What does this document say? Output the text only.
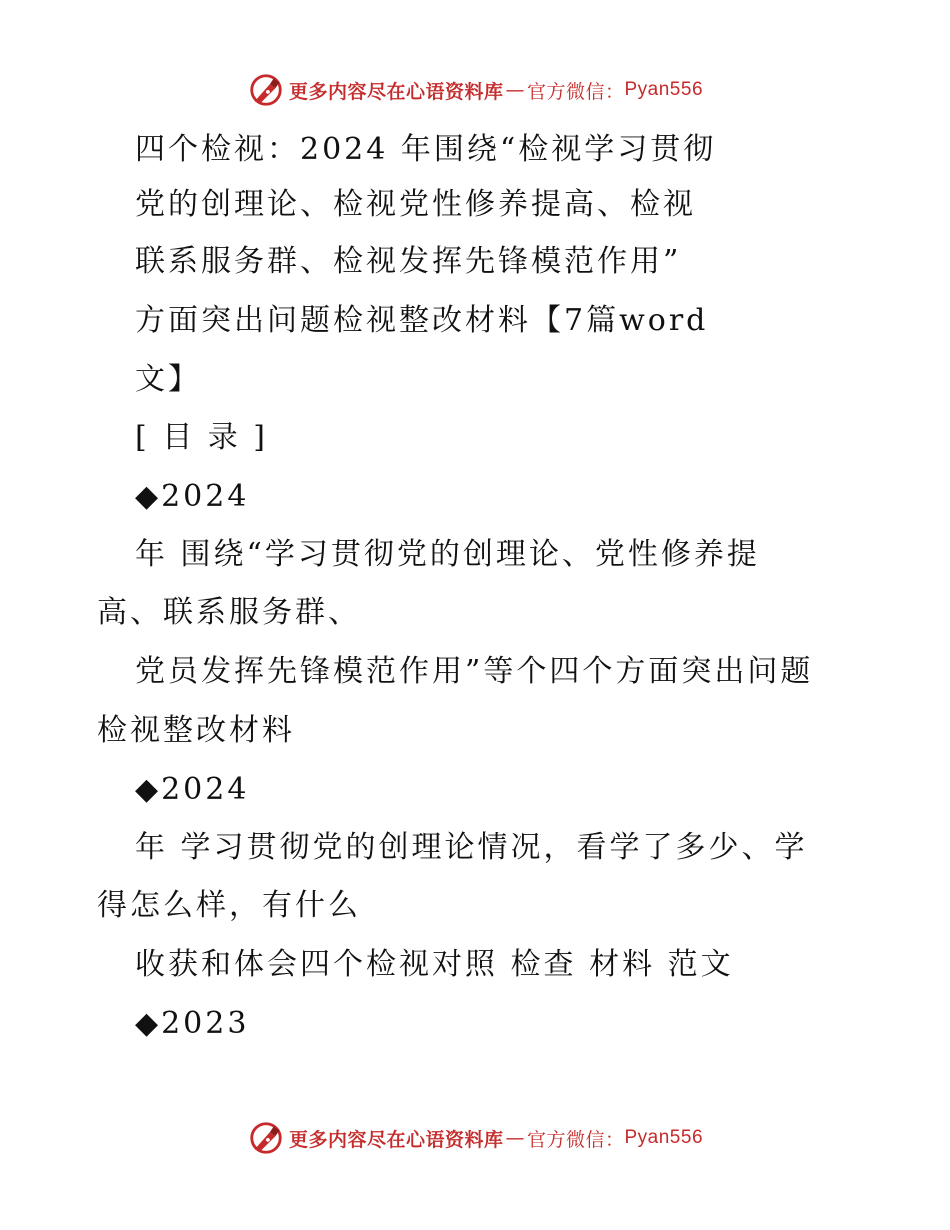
更多内容尽在心语资料库 — 官方微信： Pyan556
四个检视：2024 年围绕“检视学习贯彻
党的创理论、检视党性修养提高、检视
联系服务群、检视发挥先锋模范作用”
方面突出问题检视整改材料【7篇word
文】
[ 目 录 ]
◆2024
年 围绕“学习贯彻党的创理论、党性修养提
高、联系服务群、
党员发挥先锋模范作用”等个四个方面突出问题
检视整改材料
◆2024
年 学习贯彻党的创理论情况，看学了多少、学
得怎么样，有什么
收获和体会四个检视对照 检查 材料 范文
◆2023
更多内容尽在心语资料库 — 官方微信： Pyan556
